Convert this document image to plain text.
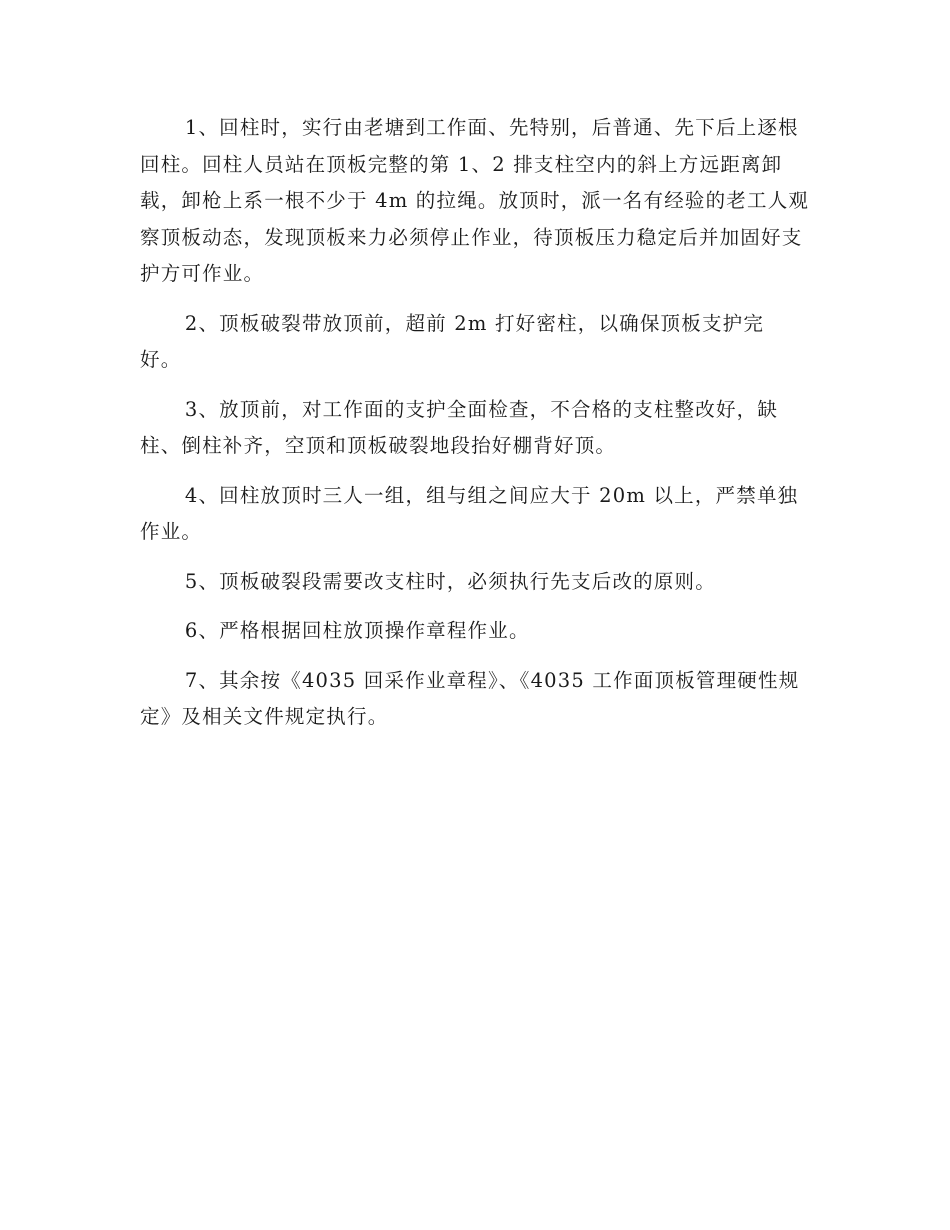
1、回柱时，实行由老塘到工作面、先特别，后普通、先下后上逐根回柱。回柱人员站在顶板完整的第 1、2 排支柱空内的斜上方远距离卸载，卸枪上系一根不少于 4m 的拉绳。放顶时，派一名有经验的老工人观察顶板动态，发现顶板来力必须停止作业，待顶板压力稳定后并加固好支护方可作业。

2、顶板破裂带放顶前，超前 2m 打好密柱，以确保顶板支护完好。

3、放顶前，对工作面的支护全面检查，不合格的支柱整改好，缺柱、倒柱补齐，空顶和顶板破裂地段抬好棚背好顶。

4、回柱放顶时三人一组，组与组之间应大于 20m 以上，严禁单独作业。

5、顶板破裂段需要改支柱时，必须执行先支后改的原则。

6、严格根据回柱放顶操作章程作业。

7、其余按《4035 回采作业章程》、《4035 工作面顶板管理硬性规定》及相关文件规定执行。
